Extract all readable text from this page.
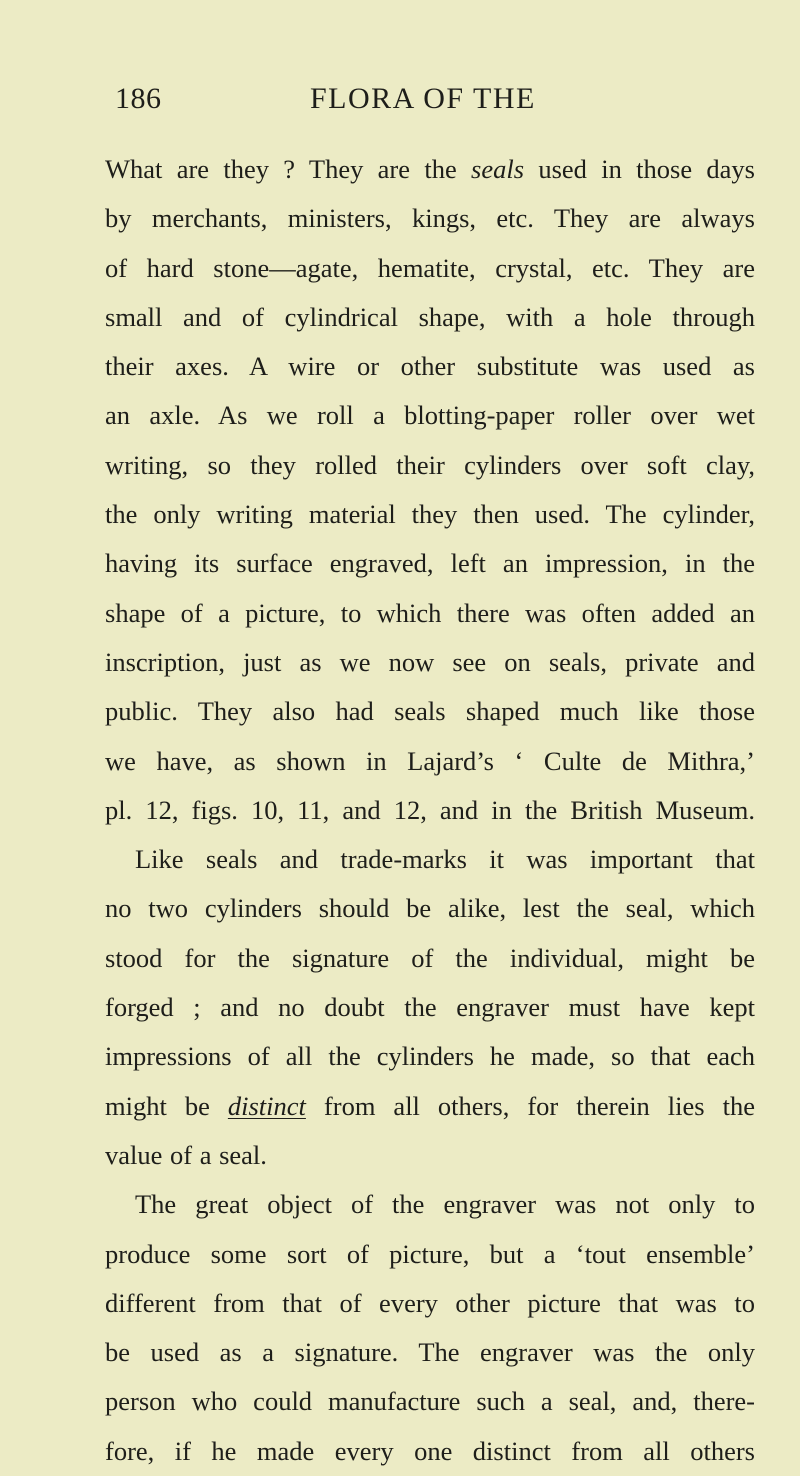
186	FLORA OF THE
What are they ? They are the seals used in those days
by merchants, ministers, kings, etc. They are always
of hard stone—agate, hematite, crystal, etc. They are
small and of cylindrical shape, with a hole through
their axes. A wire or other substitute was used as
an axle. As we roll a blotting-paper roller over wet
writing, so they rolled their cylinders over soft clay,
the only writing material they then used. The cylinder,
having its surface engraved, left an impression, in the
shape of a picture, to which there was often added an
inscription, just as we now see on seals, private and
public. They also had seals shaped much like those
we have, as shown in Lajard’s ‘ Culte de Mithra,’
pl. 12, figs. 10, 11, and 12, and in the British Museum.
Like seals and trade-marks it was important that
no two cylinders should be alike, lest the seal, which
stood for the signature of the individual, might be
forged ; and no doubt the engraver must have kept
impressions of all the cylinders he made, so that each
might be distinct from all others, for therein lies the
value of a seal.
The great object of the engraver was not only to
produce some sort of picture, but a ‘tout ensemble’
different from that of every other picture that was to
be used as a signature. The engraver was the only
person who could manufacture such a seal, and, there-
fore, if he made every one distinct from all others
